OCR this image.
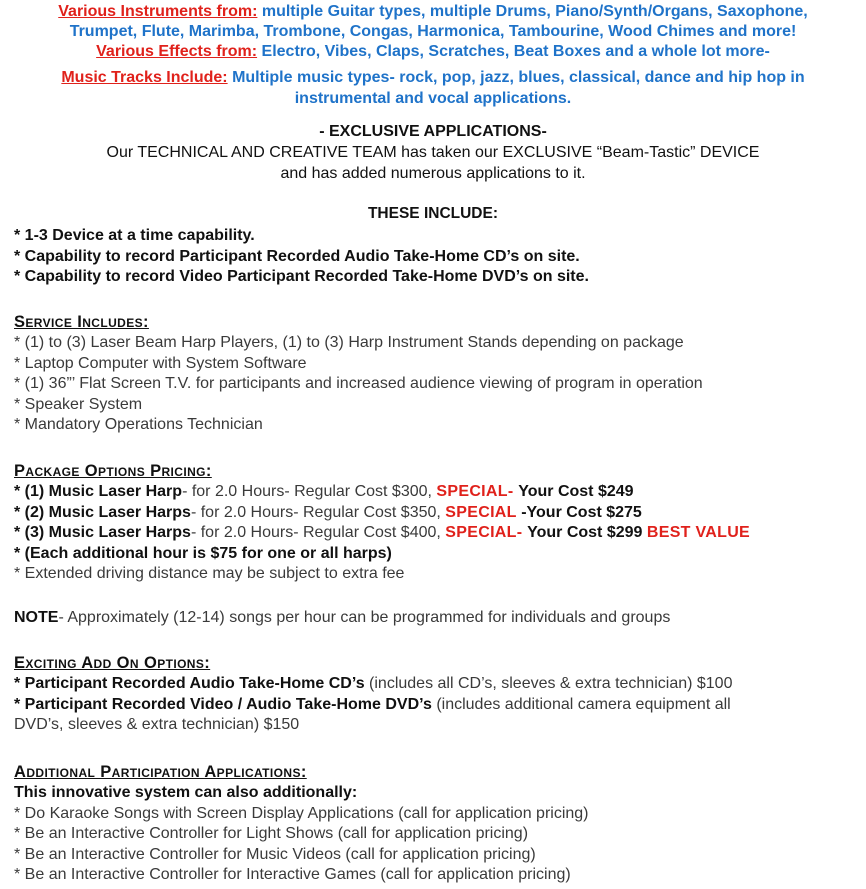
Various Instruments from: multiple Guitar types, multiple Drums, Piano/Synth/Organs, Saxophone,
Trumpet, Flute, Marimba, Trombone, Congas, Harmonica, Tambourine, Wood Chimes and more!
Various Effects from: Electro, Vibes, Claps, Scratches, Beat Boxes and a whole lot more-
Music Tracks Include: Multiple music types- rock, pop, jazz, blues, classical, dance and hip hop in
instrumental and vocal applications.
- EXCLUSIVE APPLICATIONS-
Our TECHNICAL AND CREATIVE TEAM has taken our EXCLUSIVE “Beam-Tastic” DEVICE
and has added numerous applications to it.
THESE INCLUDE:
* 1-3 Device at a time capability.
* Capability to record Participant Recorded Audio Take-Home CD’s on site.
* Capability to record Video Participant Recorded Take-Home DVD’s on site.
Service Includes:
* (1) to (3) Laser Beam Harp Players, (1) to (3) Harp Instrument Stands depending on package
* Laptop Computer with System Software
* (1) 36”’ Flat Screen T.V. for participants and increased audience viewing of program in operation
* Speaker System
* Mandatory Operations Technician
Package Options Pricing:
* (1) Music Laser Harp- for 2.0 Hours- Regular Cost $300, SPECIAL- Your Cost $249
* (2) Music Laser Harps- for 2.0 Hours- Regular Cost $350, SPECIAL -Your Cost $275
* (3) Music Laser Harps- for 2.0 Hours- Regular Cost $400, SPECIAL- Your Cost $299 BEST VALUE
* (Each additional hour is $75 for one or all harps)
* Extended driving distance may be subject to extra fee
NOTE- Approximately (12-14) songs per hour can be programmed for individuals and groups
Exciting Add On Options:
* Participant Recorded Audio Take-Home CD’s (includes all CD’s, sleeves & extra technician) $100
* Participant Recorded Video / Audio Take-Home DVD’s (includes additional camera equipment all
DVD’s, sleeves & extra technician) $150
Additional Participation Applications:
This innovative system can also additionally:
* Do Karaoke Songs with Screen Display Applications (call for application pricing)
* Be an Interactive Controller for Light Shows (call for application pricing)
* Be an Interactive Controller for Music Videos (call for application pricing)
* Be an Interactive Controller for Interactive Games (call for application pricing)
